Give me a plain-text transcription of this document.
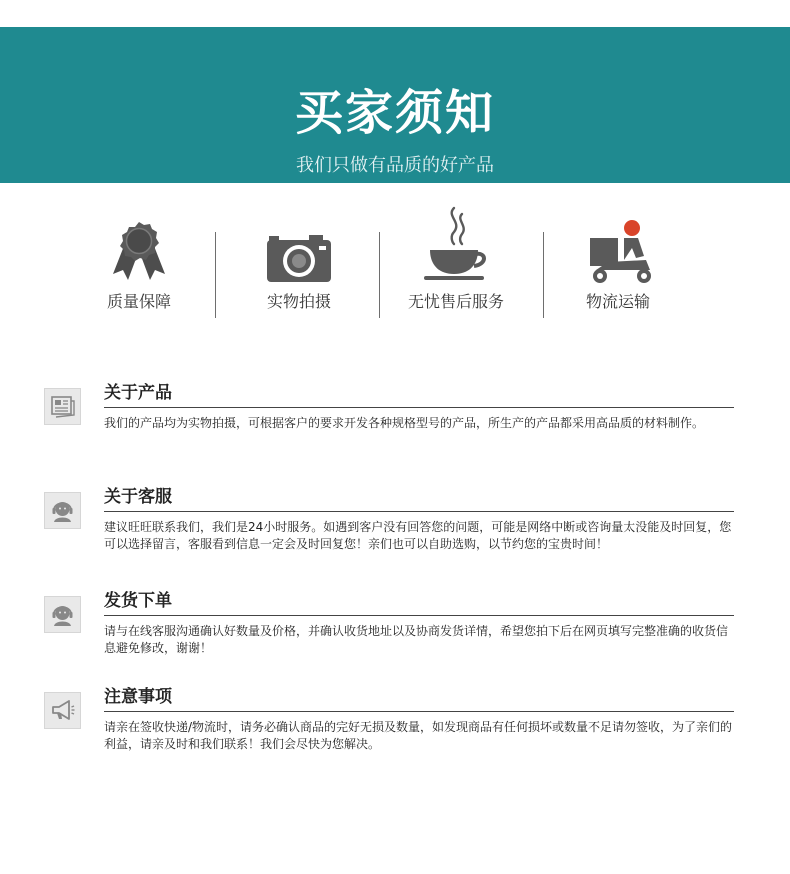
买家须知
我们只做有品质的好产品
质量保障	实物拍摄	无忧售后服务	物流运输
关于产品
我们的产品均为实物拍摄，可根据客户的要求开发各种规格型号的产品，所生产的产品都采用高品质的材料制作。
关于客服
建议旺旺联系我们，我们是24小时服务。如遇到客户没有回答您的问题，可能是网络中断或咨询量太没能及时回复，您可以选择留言，客服看到信息一定会及时回复您！亲们也可以自助选购，以节约您的宝贵时间！
发货下单
请与在线客服沟通确认好数量及价格，并确认收货地址以及协商发货详情，希望您拍下后在网页填写完整准确的收货信息避免修改，谢谢！
注意事项
请亲在签收快递/物流时，请务必确认商品的完好无损及数量，如发现商品有任何损坏或数量不足请勿签收，为了亲们的利益，请亲及时和我们联系！我们会尽快为您解决。
